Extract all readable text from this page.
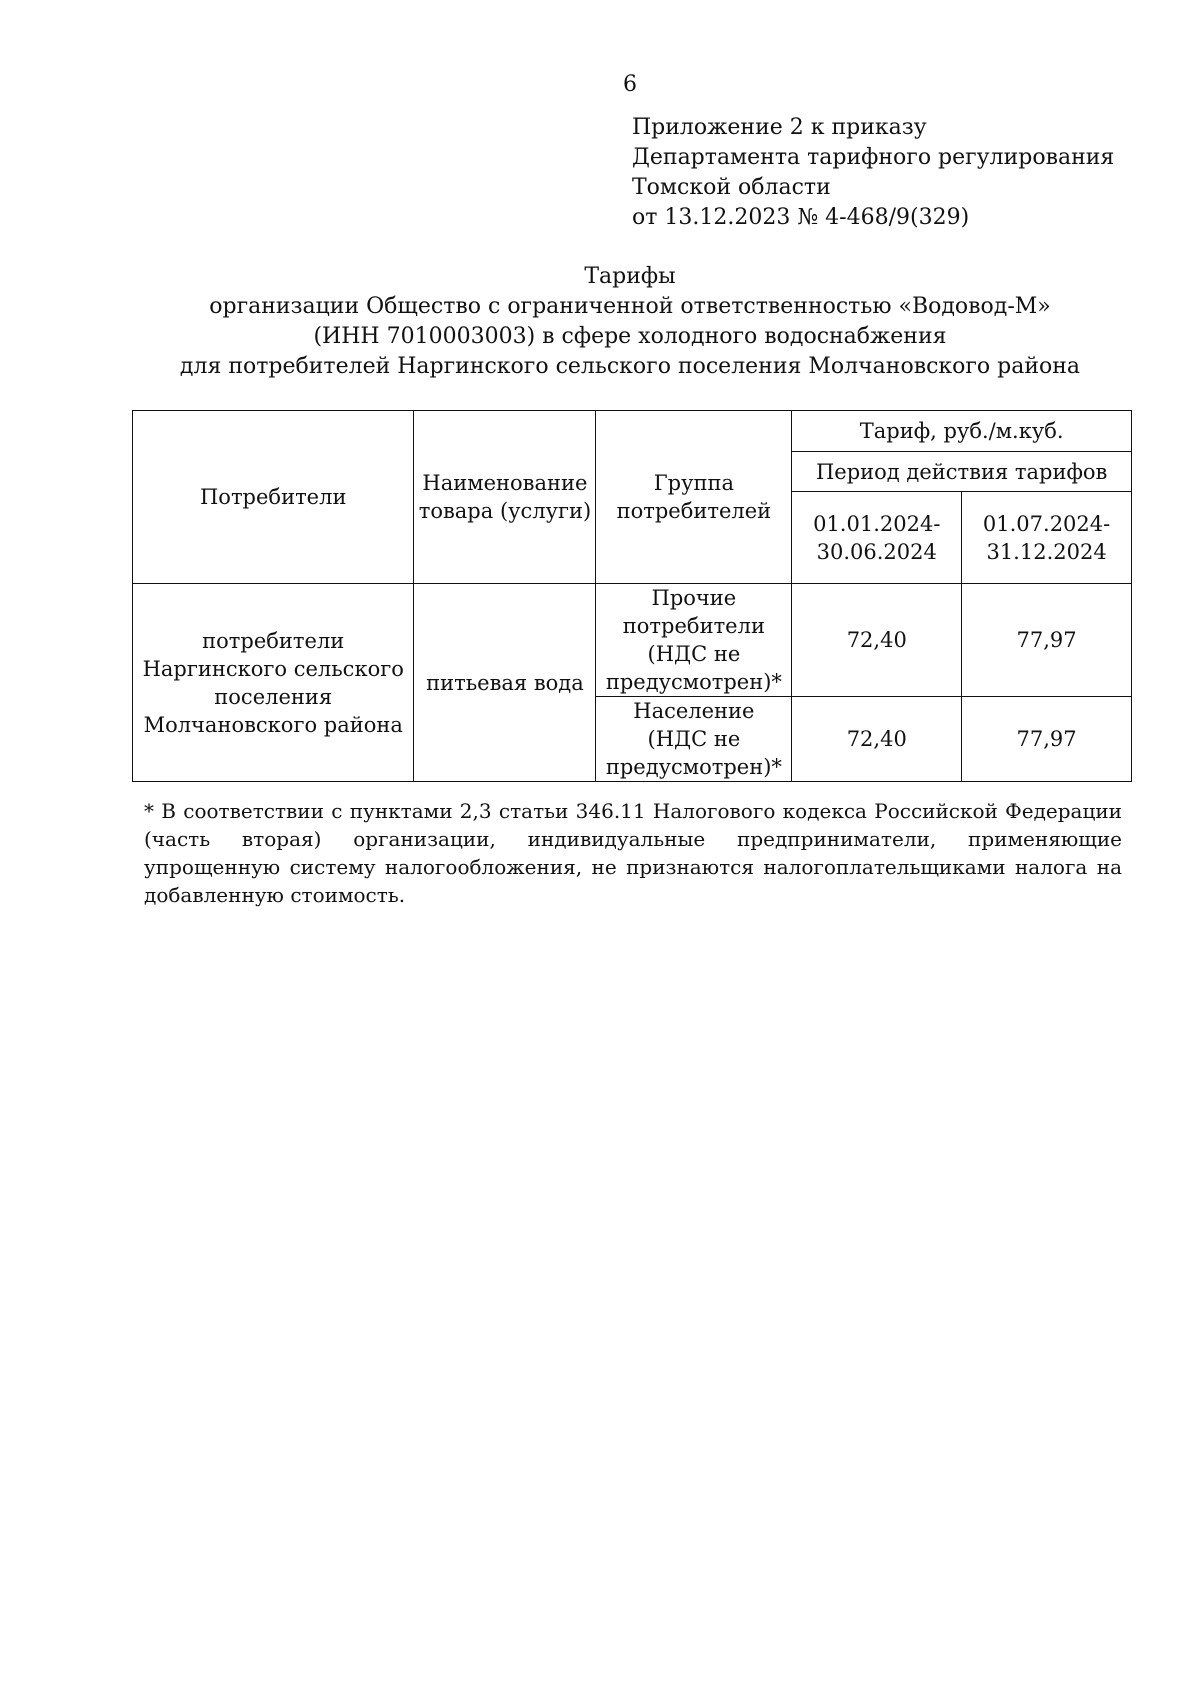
6
Приложение 2 к приказу
Департамента тарифного регулирования
Томской области
от 13.12.2023 № 4-468/9(329)
Тарифы
организации Общество с ограниченной ответственностью «Водовод-М»
(ИНН 7010003003) в сфере холодного водоснабжения
для потребителей Наргинского сельского поселения Молчановского района
Потребители	Наименование товара (услуги)	Группа потребителей	Тариф, руб./м.куб.	
			Период действия тарифов	
			01.01.2024-30.06.2024	01.07.2024-31.12.2024
потребители Наргинского сельского поселения Молчановского района	питьевая вода	Прочие потребители (НДС не предусмотрен)*	72,40	77,97
		Население (НДС не предусмотрен)*	72,40	77,97
* В соответствии с пунктами 2,3 статьи 346.11 Налогового кодекса Российской Федерации (часть вторая) организации, индивидуальные предприниматели, применяющие упрощенную систему налогообложения, не признаются налогоплательщиками налога на добавленную стоимость.
